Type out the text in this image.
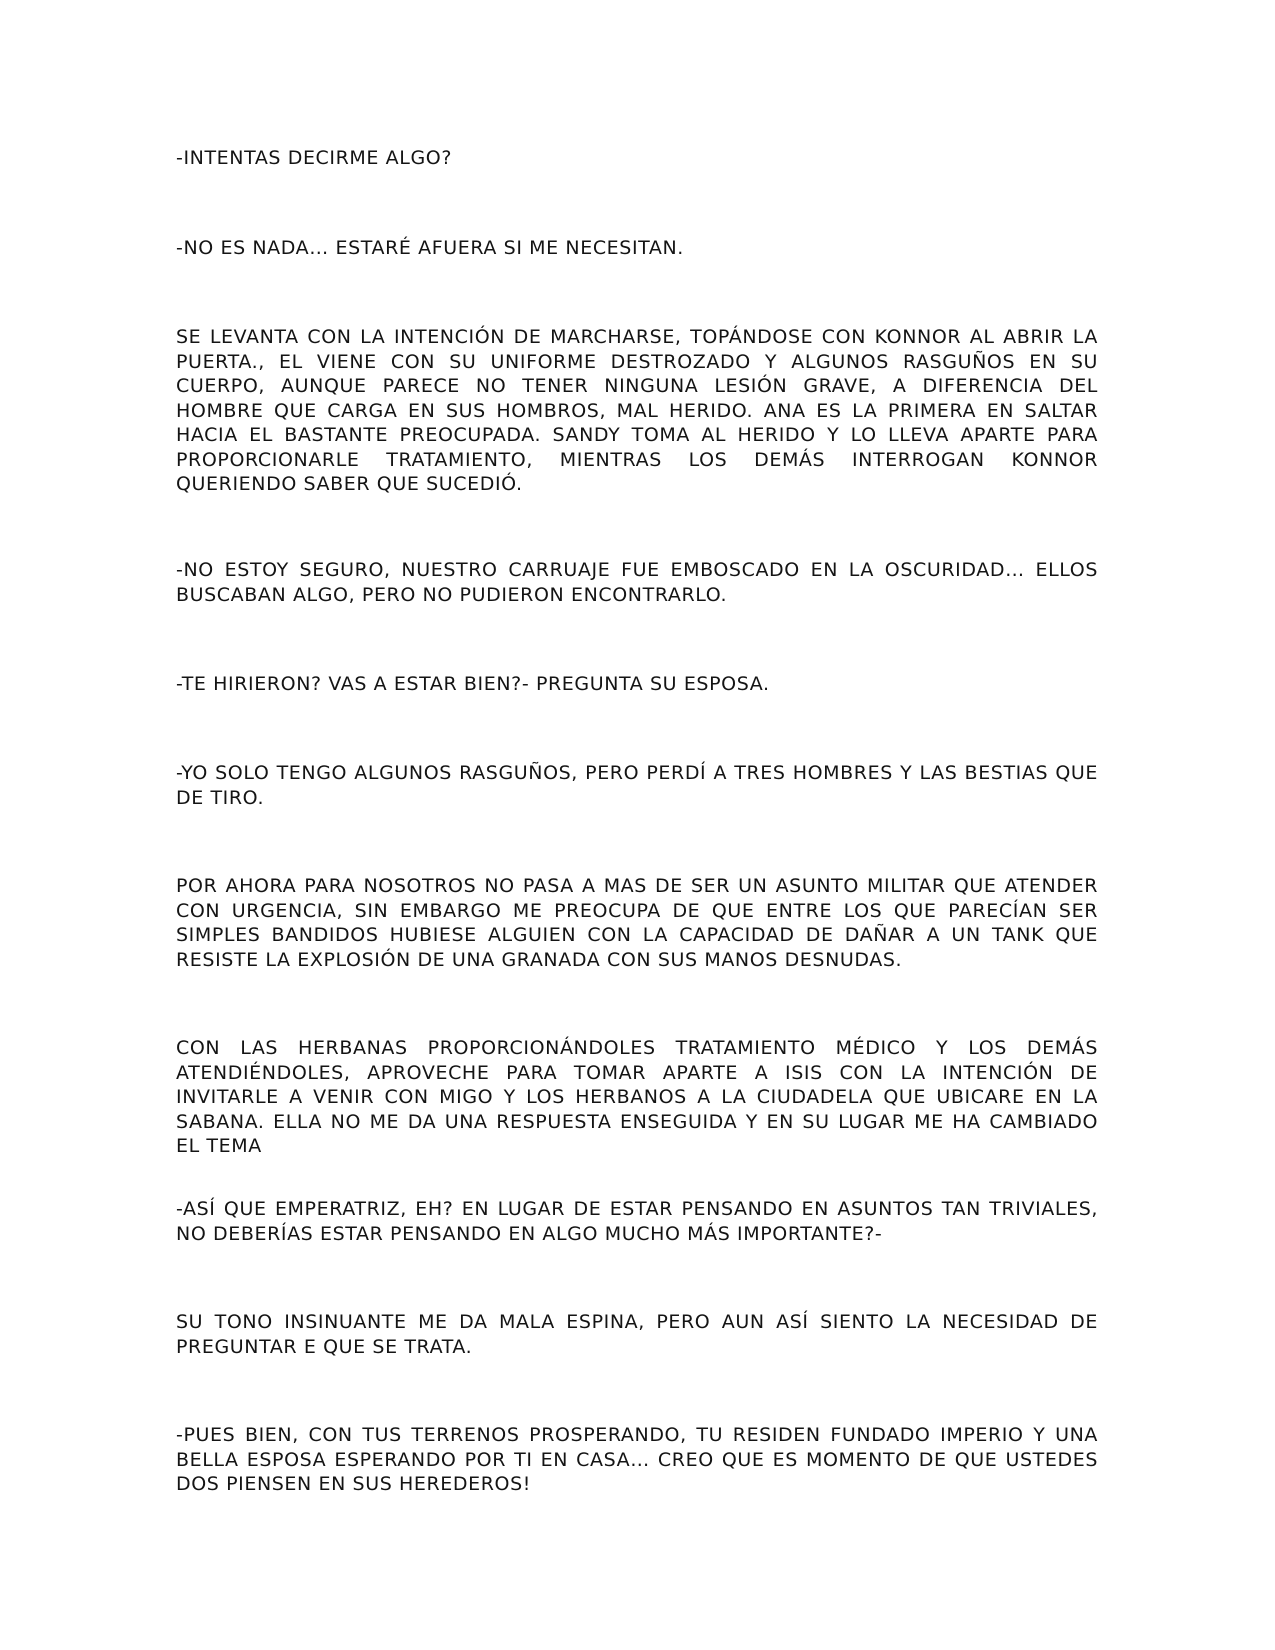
-INTENTAS DECIRME ALGO?

-NO ES NADA… ESTARÉ AFUERA SI ME NECESITAN.

SE LEVANTA CON LA INTENCIÓN DE MARCHARSE, TOPÁNDOSE CON KONNOR AL ABRIR LA PUERTA., EL VIENE CON SU UNIFORME DESTROZADO Y ALGUNOS RASGUÑOS EN SU CUERPO, AUNQUE PARECE NO TENER NINGUNA LESIÓN GRAVE, A DIFERENCIA DEL HOMBRE QUE CARGA EN SUS HOMBROS, MAL HERIDO. ANA ES LA PRIMERA EN SALTAR HACIA EL BASTANTE PREOCUPADA. SANDY TOMA AL HERIDO Y LO LLEVA APARTE PARA PROPORCIONARLE TRATAMIENTO, MIENTRAS LOS DEMÁS INTERROGAN KONNOR QUERIENDO SABER QUE SUCEDIÓ.

-NO ESTOY SEGURO, NUESTRO CARRUAJE FUE EMBOSCADO EN LA OSCURIDAD… ELLOS BUSCABAN ALGO, PERO NO PUDIERON ENCONTRARLO.

-TE HIRIERON? VAS A ESTAR BIEN?- PREGUNTA SU ESPOSA.

-YO SOLO TENGO ALGUNOS RASGUÑOS, PERO PERDÍ A TRES HOMBRES Y LAS BESTIAS QUE DE TIRO.

POR AHORA PARA NOSOTROS NO PASA A MAS DE SER UN ASUNTO MILITAR QUE ATENDER CON URGENCIA, SIN EMBARGO ME PREOCUPA DE QUE ENTRE LOS QUE PARECÍAN SER SIMPLES BANDIDOS HUBIESE ALGUIEN CON LA CAPACIDAD DE DAÑAR A UN TANK QUE RESISTE LA EXPLOSIÓN DE UNA GRANADA CON SUS MANOS DESNUDAS.

CON LAS HERBANAS PROPORCIONÁNDOLES TRATAMIENTO MÉDICO Y LOS DEMÁS ATENDIÉNDOLES, APROVECHE PARA TOMAR APARTE A ISIS CON LA INTENCIÓN DE INVITARLE A VENIR CON MIGO Y LOS HERBANOS A LA CIUDADELA QUE UBICARE EN LA SABANA. ELLA NO ME DA UNA RESPUESTA ENSEGUIDA Y EN SU LUGAR ME HA CAMBIADO EL TEMA

-ASÍ QUE EMPERATRIZ, EH? EN LUGAR DE ESTAR PENSANDO EN ASUNTOS TAN TRIVIALES, NO DEBERÍAS ESTAR PENSANDO EN ALGO MUCHO MÁS IMPORTANTE?-

SU TONO INSINUANTE ME DA MALA ESPINA, PERO AUN ASÍ SIENTO LA NECESIDAD DE PREGUNTAR E QUE SE TRATA.

-PUES BIEN, CON TUS TERRENOS PROSPERANDO, TU RESIDEN FUNDADO IMPERIO Y UNA BELLA ESPOSA ESPERANDO POR TI EN CASA… CREO QUE ES MOMENTO DE QUE USTEDES DOS PIENSEN EN SUS HEREDEROS!
